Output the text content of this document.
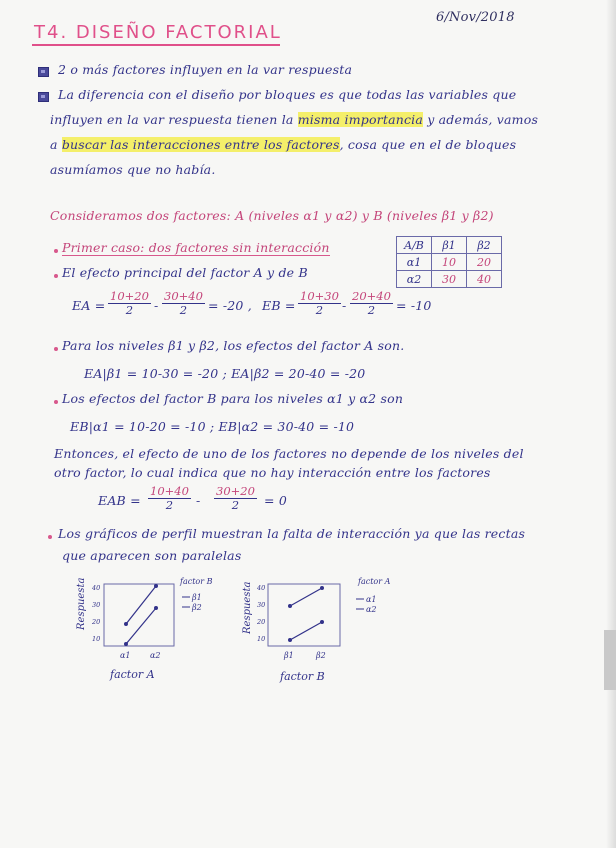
T4. DISEÑO FACTORIAL
6/Nov/2018
2 o más factores influyen en la var respuesta
La diferencia con el diseño por bloques es que todas las variables que
influyen en la var respuesta tienen la misma importancia y además, vamos
a buscar las interacciones entre los factores, cosa que en el de bloques
asumíamos que no había.
Consideramos dos factores: A (niveles α1 y α2) y B (niveles β1 y β2)
Primer caso: dos factores sin interacción
El efecto principal del factor A y de B
A/B	β1	β2
α1	10	20
α2	30	40
EA = $\frac{10+20}{2} - \frac{30+40}{2} = -20$ , EB = $\frac{10+30}{2} - \frac{20+40}{2} = -10$
Para los niveles β1 y β2, los efectos del factor A son.
EA|β1 = 10-30 = -20 ; EA|β2 = 20-40 = -20
Los efectos del factor B para los niveles α1 y α2 son
EB|α1 = 10-20 = -10 ; EB|α2 = 30-40 = -10
Entonces, el efecto de uno de los factores no depende de los niveles del
otro factor, lo cual indica que no hay interacción entre los factores
EAB = $\frac{10+40}{2} - \frac{30+20}{2} = 0$
Los gráficos de perfil muestran la falta de interacción ya que las rectas
que aparecen son paralelas
Respuesta 40
30
20
10
α1 α2
factor B
β1
β2
factor A
Respuesta 40
30
20
10
β1	β2
factor A
α1
α2
factor B
